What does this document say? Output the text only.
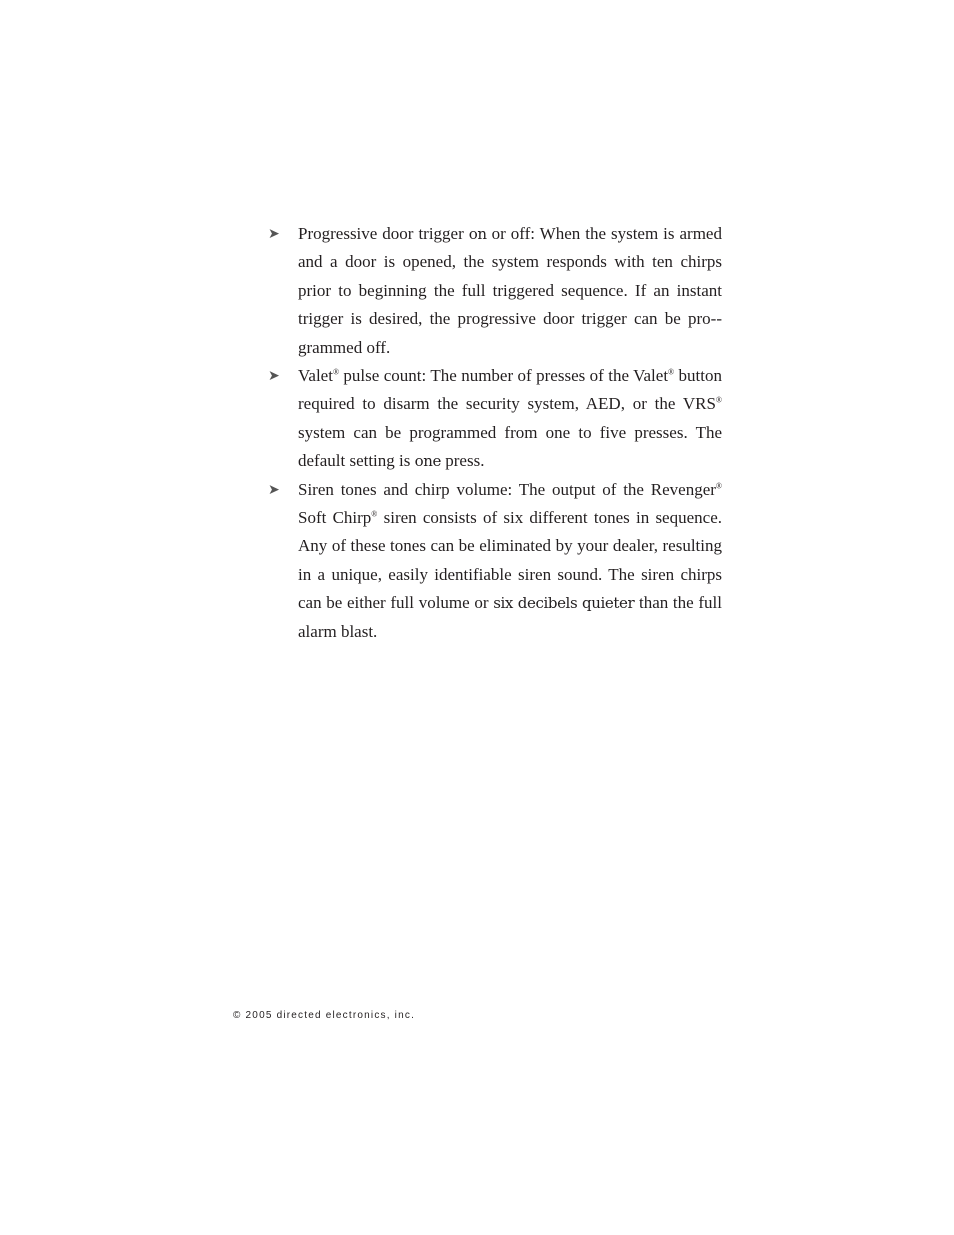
➤ Progressive door trigger on or off: When the system is armed and a door is opened, the system responds with ten chirps prior to beginning the full triggered sequence. If an instant trigger is desired, the progressive door trigger can be pro-grammed off.
➤ Valet® pulse count: The number of presses of the Valet® button required to disarm the security system, AED, or the VRS® system can be programmed from one to five presses. The default setting is one press.
➤ Siren tones and chirp volume: The output of the Revenger® Soft Chirp® siren consists of six different tones in sequence. Any of these tones can be eliminated by your dealer, resulting in a unique, easily identifiable siren sound. The siren chirps can be either full volume or six decibels quieter than the full alarm blast.
© 2005 directed electronics, inc.
